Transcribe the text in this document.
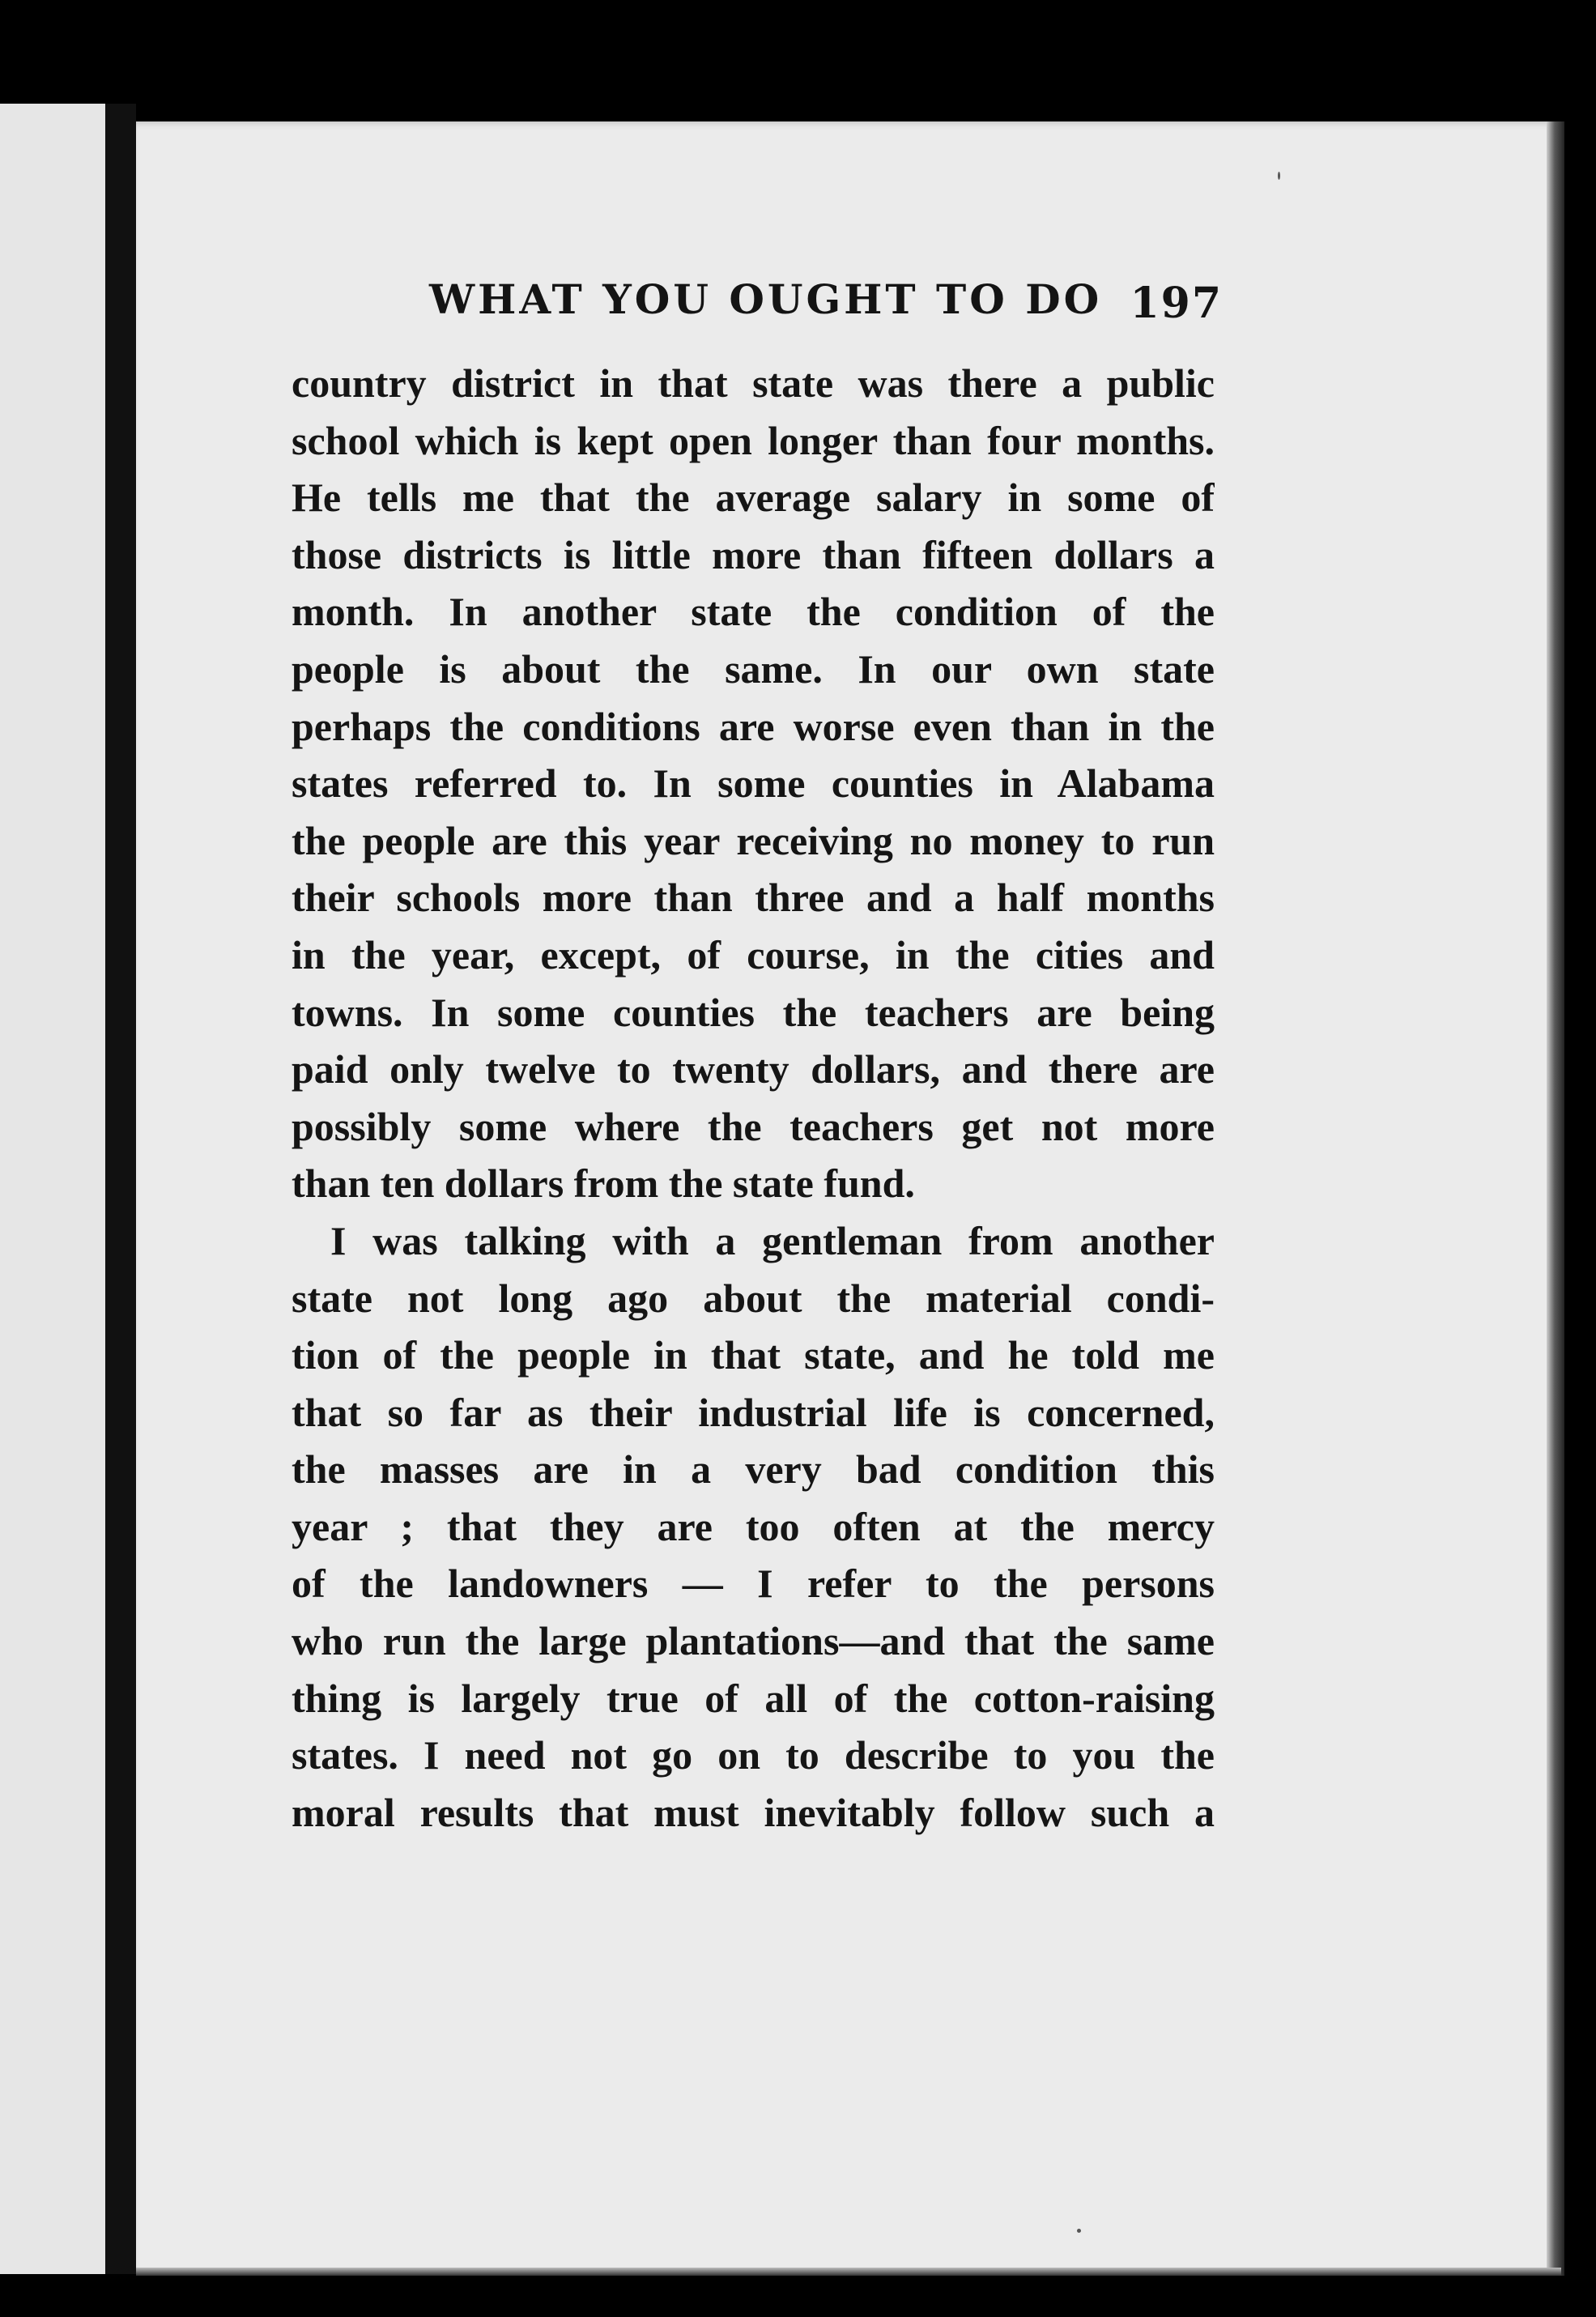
WHAT YOU OUGHT TO DO 197
country district in that state was there a public
school which is kept open longer than four months.
He tells me that the average salary in some of
those districts is little more than fifteen dollars a
month. In another state the condition of the
people is about the same. In our own state
perhaps the conditions are worse even than in the
states referred to. In some counties in Alabama
the people are this year receiving no money to run
their schools more than three and a half months
in the year, except, of course, in the cities and
towns. In some counties the teachers are being
paid only twelve to twenty dollars, and there are
possibly some where the teachers get not more
than ten dollars from the state fund.
I was talking with a gentleman from another
state not long ago about the material condi-
tion of the people in that state, and he told me
that so far as their industrial life is concerned,
the masses are in a very bad condition this
year ; that they are too often at the mercy
of the landowners — I refer to the persons
who run the large plantations—and that the same
thing is largely true of all of the cotton-raising
states. I need not go on to describe to you the
moral results that must inevitably follow such a
